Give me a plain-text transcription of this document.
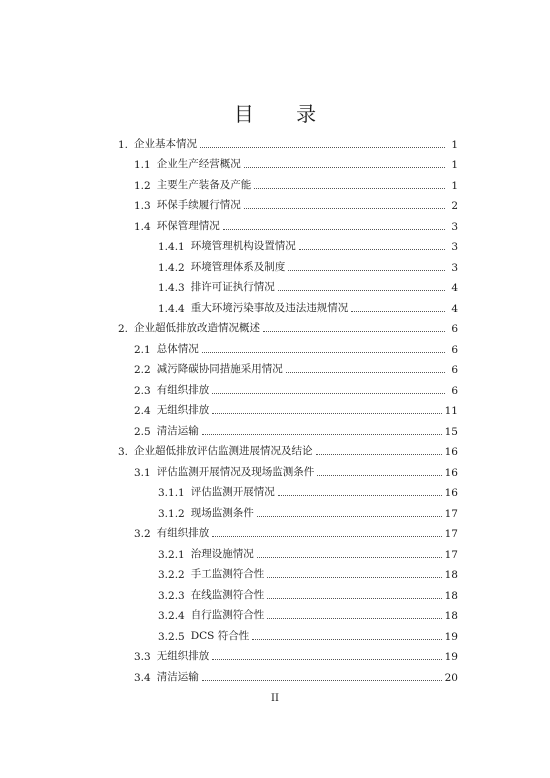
目 录
1. 企业基本情况	1
1.1 企业生产经营概况	1
1.2 主要生产装备及产能	1
1.3 环保手续履行情况	2
1.4 环保管理情况	3
1.4.1 环境管理机构设置情况	3
1.4.2 环境管理体系及制度	3
1.4.3 排许可证执行情况	4
1.4.4 重大环境污染事故及违法违规情况	4
2. 企业超低排放改造情况概述	6
2.1 总体情况	6
2.2 减污降碳协同措施采用情况	6
2.3 有组织排放	6
2.4 无组织排放	11
2.5 清洁运输	15
3. 企业超低排放评估监测进展情况及结论	16
3.1 评估监测开展情况及现场监测条件	16
3.1.1 评估监测开展情况	16
3.1.2 现场监测条件	17
3.2 有组织排放	17
3.2.1 治理设施情况	17
3.2.2 手工监测符合性	18
3.2.3 在线监测符合性	18
3.2.4 自行监测符合性	18
3.2.5 DCS 符合性	19
3.3 无组织排放	19
3.4 清洁运输	20
II
